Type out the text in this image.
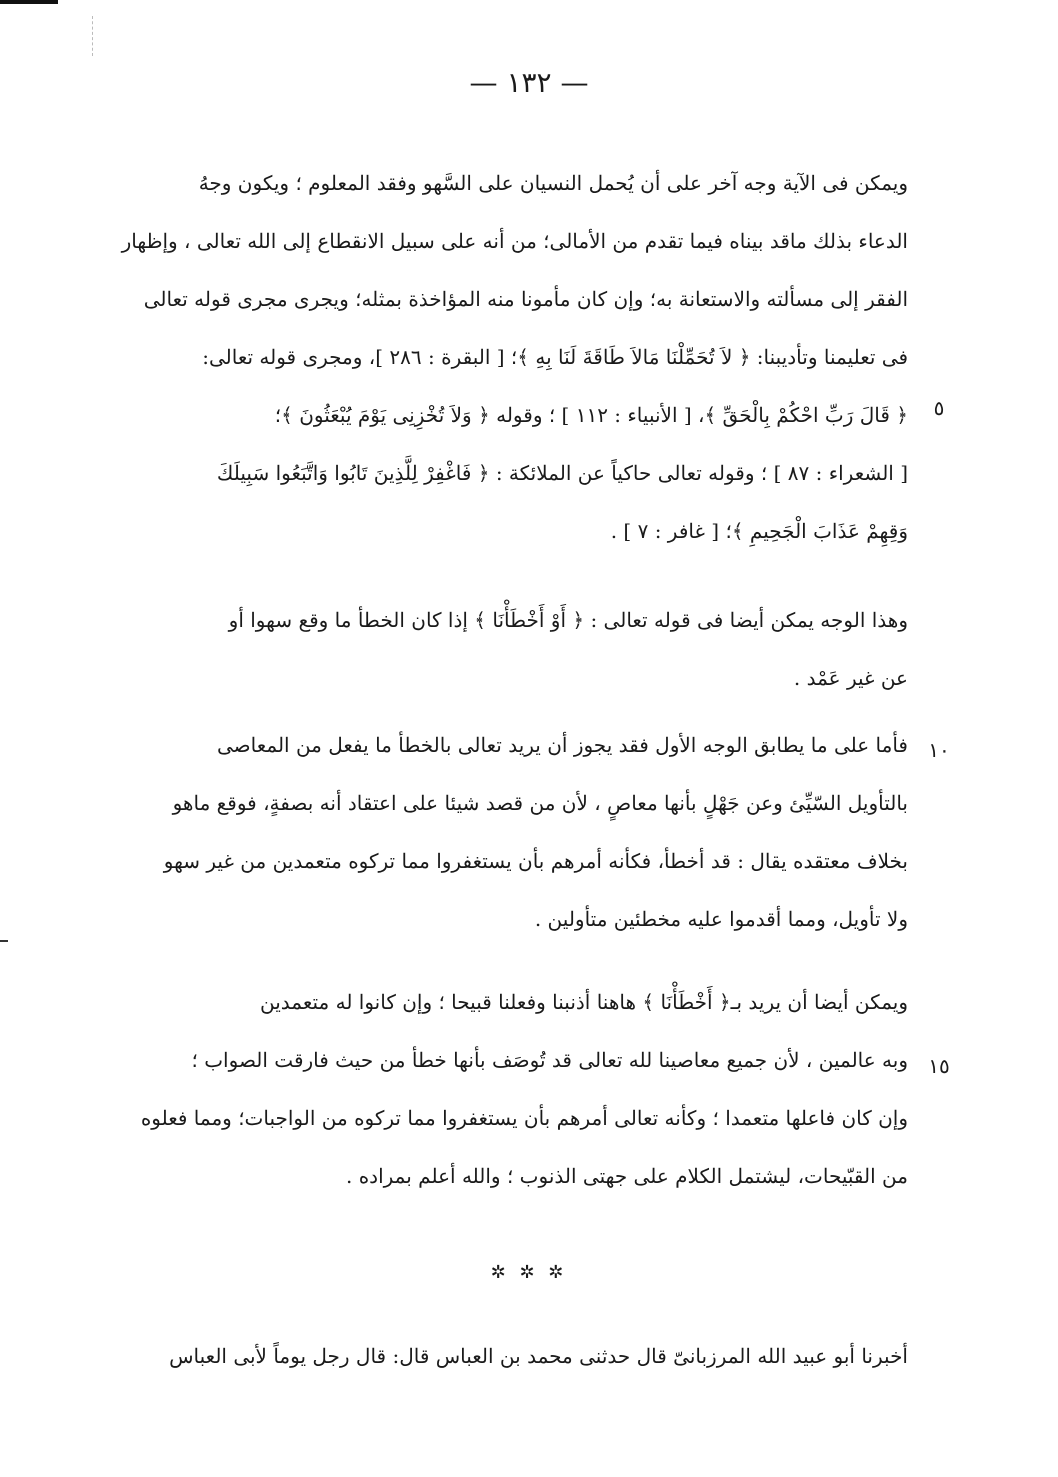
— ١٣٢ —
٥
١٠
١٥
ويمكن فى الآية وجه آخر على أن يُحمل النسيان على السَّهو وفقد المعلوم ؛ ويكون وجهُ
الدعاء بذلك ماقد بيناه فيما تقدم من الأمالى؛ من أنه على سبيل الانقطاع إلى الله تعالى ، وإظهار
الفقر إلى مسألته والاستعانة به؛ وإن كان مأمونا منه المؤاخذة بمثله؛ ويجرى مجرى قوله تعالى
فى تعليمنا وتأديبنا: ﴿ لاَ تُحَمِّلْنَا مَالاَ طَاقَةَ لَنَا بِهِ ﴾؛ [ البقرة : ٢٨٦ ]، ومجرى قوله تعالى:
﴿ قَالَ رَبِّ احْكُمْ بِالْحَقِّ ﴾، [ الأنبياء : ١١٢ ] ؛ وقوله ﴿ وَلاَ تُخْزِنِى يَوْمَ يُبْعَثُونَ ﴾؛
[ الشعراء : ٨٧ ] ؛ وقوله تعالى حاكياً عن الملائكة : ﴿ فَاغْفِرْ لِلَّذِينَ تَابُوا وَاتَّبَعُوا سَبِيلَكَ
وَقِهِمْ عَذَابَ الْجَحِيمِ ﴾؛ [ غافر : ٧ ] .
وهذا الوجه يمكن أيضا فى قوله تعالى : ﴿ أَوْ أَخْطَأْنَا ﴾ إذا كان الخطأ ما وقع سهوا أو
عن غير عَمْد .
فأما على ما يطابق الوجه الأول فقد يجوز أن يريد تعالى بالخطأ ما يفعل من المعاصى
بالتأويل السّيِّئ وعن جَهْلٍ بأنها معاصٍ ، لأن من قصد شيئا على اعتقاد أنه بصفةٍ، فوقع ماهو
بخلاف معتقده يقال : قد أخطأ، فكأنه أمرهم بأن يستغفروا مما تركوه متعمدين من غير سهو
ولا تأويل، ومما أقدموا عليه مخطئين متأولين .
ويمكن أيضا أن يريد بـ﴿ أَخْطَأْنَا ﴾ هاهنا أذنبنا وفعلنا قبيحا ؛ وإن كانوا له متعمدين
وبه عالمين ، لأن جميع معاصينا لله تعالى قد تُوصَف بأنها خطأ من حيث فارقت الصواب ؛
وإن كان فاعلها متعمدا ؛ وكأنه تعالى أمرهم بأن يستغفروا مما تركوه من الواجبات؛ ومما فعلوه
من القبّيحات، ليشتمل الكلام على جهتى الذنوب ؛ والله أعلم بمراده .
✲ ✲ ✲
أخبرنا أبو عبيد الله المرزبانىّ قال حدثنى محمد بن العباس قال: قال رجل يوماً لأبى العباس
